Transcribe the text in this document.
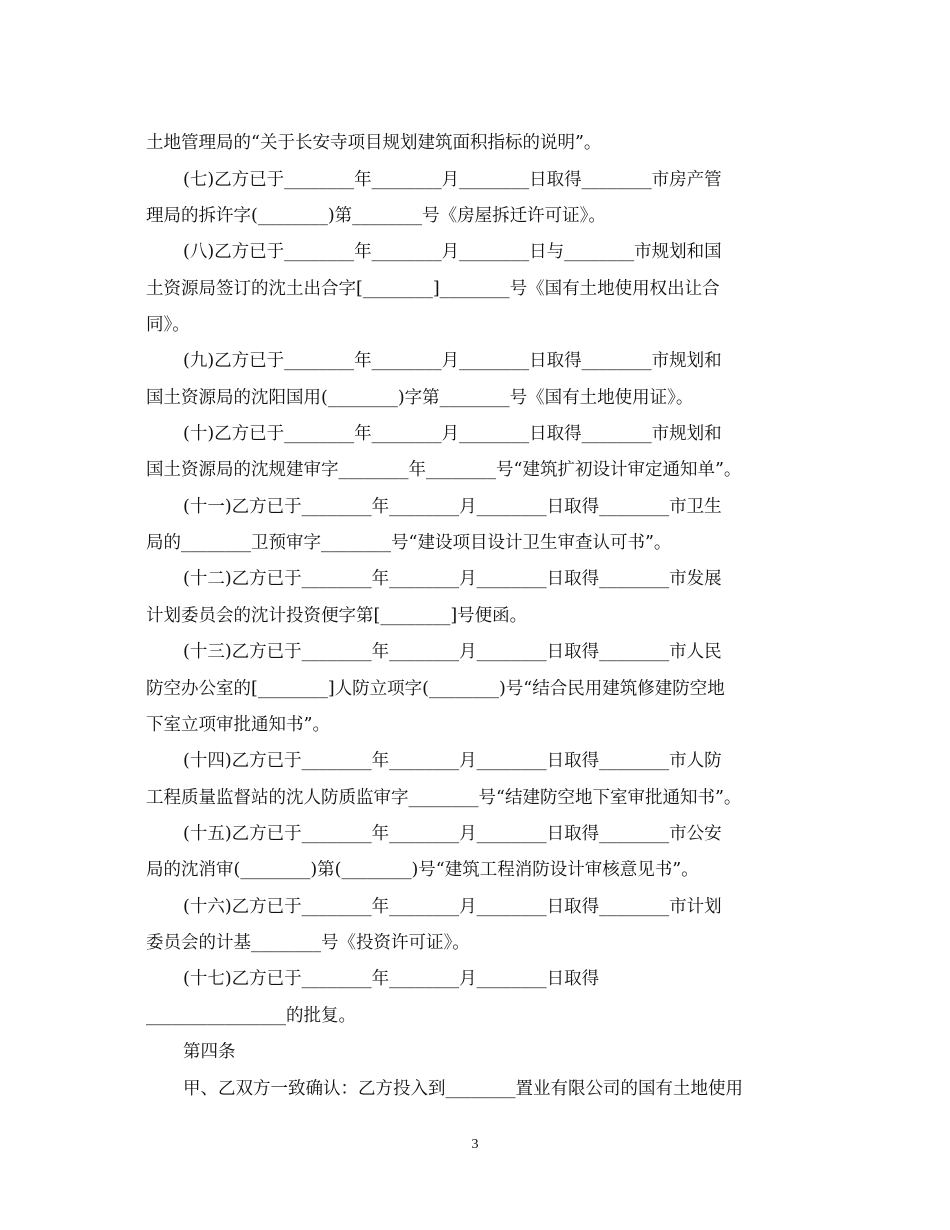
土地管理局的“关于长安寺项目规划建筑面积指标的说明”。
(七)乙方已于________年________月________日取得________市房产管
理局的拆许字(________)第________号《房屋拆迁许可证》。
(八)乙方已于________年________月________日与________市规划和国
土资源局签订的沈土出合字[________]________号《国有土地使用权出让合
同》。
(九)乙方已于________年________月________日取得________市规划和
国土资源局的沈阳国用(________)字第________号《国有土地使用证》。
(十)乙方已于________年________月________日取得________市规划和
国土资源局的沈规建审字________年________号“建筑扩初设计审定通知单”。
(十一)乙方已于________年________月________日取得________市卫生
局的________卫预审字________号“建设项目设计卫生审查认可书”。
(十二)乙方已于________年________月________日取得________市发展
计划委员会的沈计投资便字第[________]号便函。
(十三)乙方已于________年________月________日取得________市人民
防空办公室的[________]人防立项字(________)号“结合民用建筑修建防空地
下室立项审批通知书”。
(十四)乙方已于________年________月________日取得________市人防
工程质量监督站的沈人防质监审字________号“结建防空地下室审批通知书”。
(十五)乙方已于________年________月________日取得________市公安
局的沈消审(________)第(________)号“建筑工程消防设计审核意见书”。
(十六)乙方已于________年________月________日取得________市计划
委员会的计基________号《投资许可证》。
(十七)乙方已于________年________月________日取得
________________的批复。
第四条
甲、乙双方一致确认：乙方投入到________置业有限公司的国有土地使用
3
